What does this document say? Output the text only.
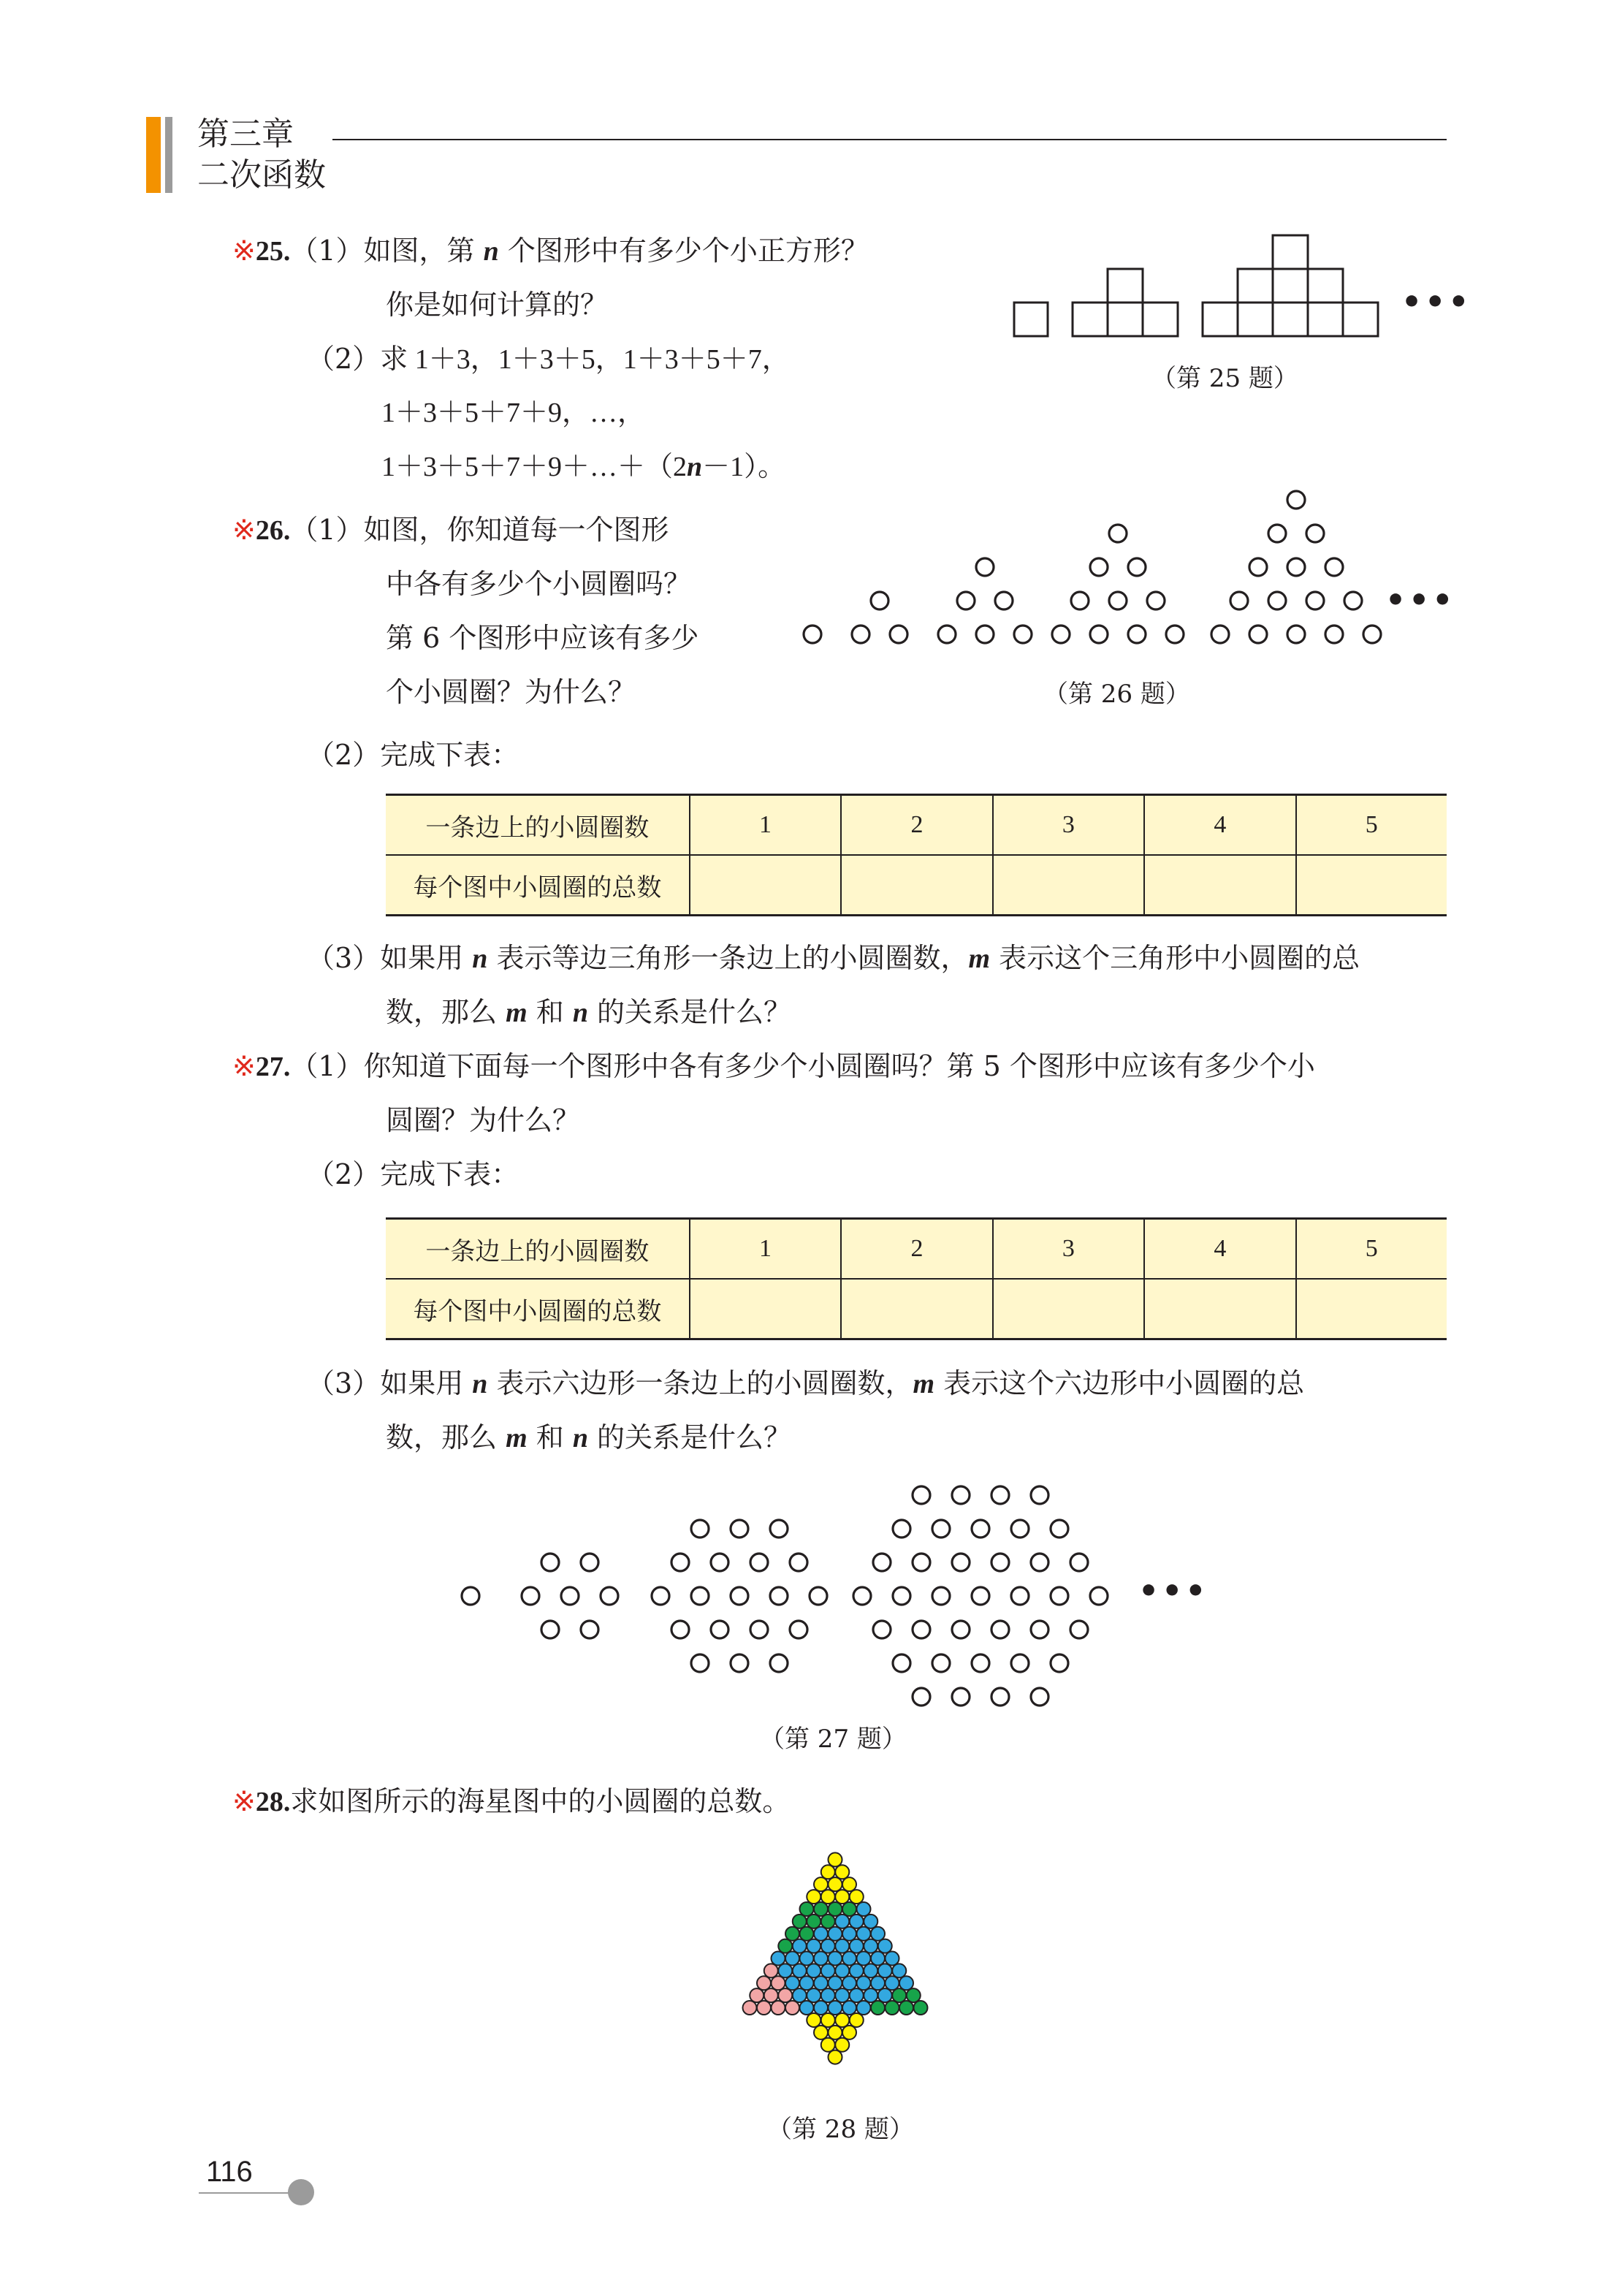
第三章
二次函数
※25.（1）如图，第 n 个图形中有多少个小正方形？
你是如何计算的？
（2）求 1＋3，1＋3＋5，1＋3＋5＋7，
1＋3＋5＋7＋9，…，
1＋3＋5＋7＋9＋…＋（2n－1）。
•••
（第 25 题）
※26.（1）如图，你知道每一个图形
中各有多少个小圆圈吗？
第 6 个图形中应该有多少
个小圆圈？为什么？
•••
（第 26 题）
（2）完成下表：
一条边上的小圆圈数	1	2	3	4	5
每个图中小圆圈的总数					
（3）如果用 n 表示等边三角形一条边上的小圆圈数，m 表示这个三角形中小圆圈的总
数，那么 m 和 n 的关系是什么？
※27.（1）你知道下面每一个图形中各有多少个小圆圈吗？第 5 个图形中应该有多少个小
圆圈？为什么？
（2）完成下表：
一条边上的小圆圈数	1	2	3	4	5
每个图中小圆圈的总数					
（3）如果用 n 表示六边形一条边上的小圆圈数，m 表示这个六边形中小圆圈的总
数，那么 m 和 n 的关系是什么？
•••
（第 27 题）
※28.求如图所示的海星图中的小圆圈的总数。
（第 28 题）
116
